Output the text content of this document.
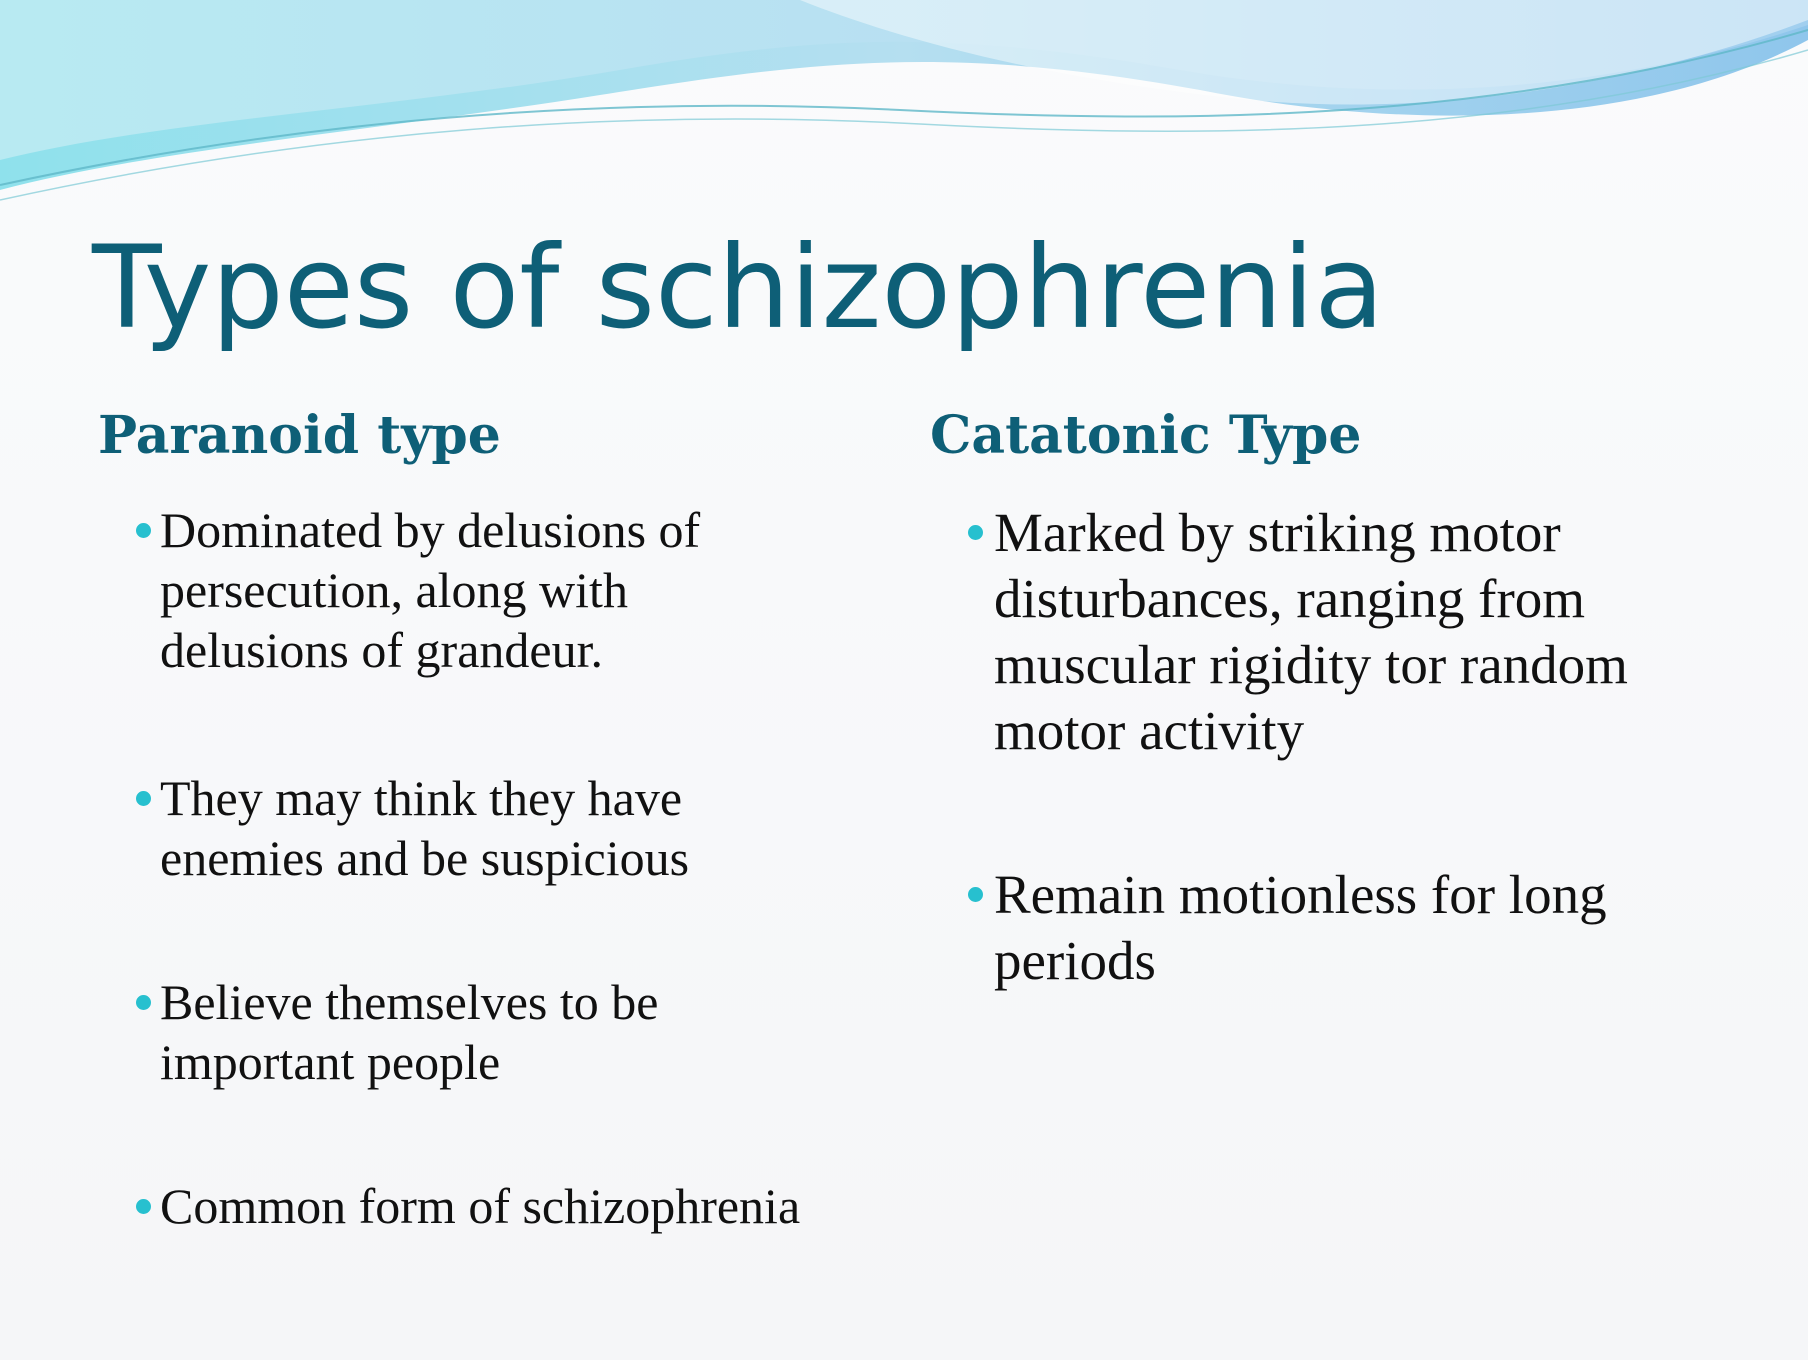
Types of schizophrenia
Paranoid type
Dominated by delusions of
persecution, along with
delusions of grandeur.
They may think they have
enemies and be suspicious
Believe themselves to be
important people
Common form of schizophrenia
Catatonic Type
Marked by striking motor
disturbances, ranging from
muscular rigidity tor random
motor activity
Remain motionless for long
periods
